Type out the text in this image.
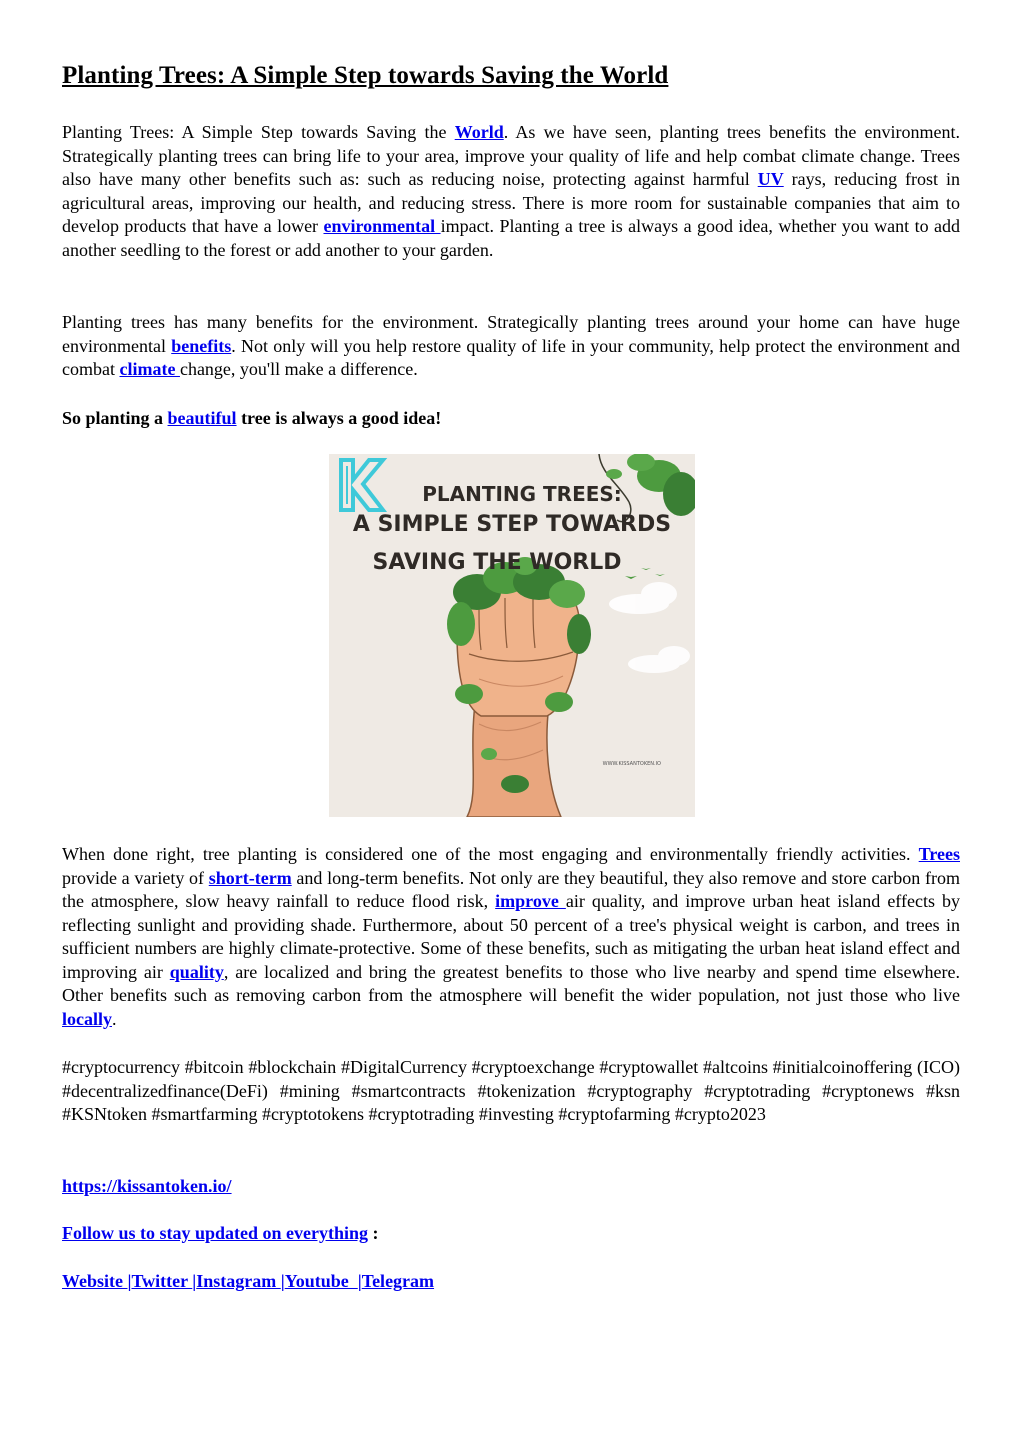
Planting Trees: A Simple Step towards Saving the World

Planting Trees: A Simple Step towards Saving the World. As we have seen, planting trees benefits the environment. Strategically planting trees can bring life to your area, improve your quality of life and help combat climate change. Trees also have many other benefits such as: such as reducing noise, protecting against harmful UV rays, reducing frost in agricultural areas, improving our health, and reducing stress. There is more room for sustainable companies that aim to develop products that have a lower environmental impact. Planting a tree is always a good idea, whether you want to add another seedling to the forest or add another to your garden.

Planting trees has many benefits for the environment. Strategically planting trees around your home can have huge environmental benefits. Not only will you help restore quality of life in your community, help protect the environment and combat climate change, you'll make a difference.

So planting a beautiful tree is always a good idea!

PLANTING TREES:
A SIMPLE STEP TOWARDS
SAVING THE WORLD
WWW.KISSANTOKEN.IO

When done right, tree planting is considered one of the most engaging and environmentally friendly activities. Trees provide a variety of short-term and long-term benefits. Not only are they beautiful, they also remove and store carbon from the atmosphere, slow heavy rainfall to reduce flood risk, improve air quality, and improve urban heat island effects by reflecting sunlight and providing shade. Furthermore, about 50 percent of a tree's physical weight is carbon, and trees in sufficient numbers are highly climate-protective. Some of these benefits, such as mitigating the urban heat island effect and improving air quality, are localized and bring the greatest benefits to those who live nearby and spend time elsewhere. Other benefits such as removing carbon from the atmosphere will benefit the wider population, not just those who live locally.

#cryptocurrency #bitcoin #blockchain #DigitalCurrency #cryptoexchange #cryptowallet #altcoins #initialcoinoffering (ICO) #decentralizedfinance(DeFi) #mining #smartcontracts #tokenization #cryptography #cryptotrading #cryptonews #ksn #KSNtoken #smartfarming #cryptotokens #cryptotrading #investing #cryptofarming #crypto2023

https://kissantoken.io/

Follow us to stay updated on everything :

Website |Twitter |Instagram |Youtube  |Telegram
